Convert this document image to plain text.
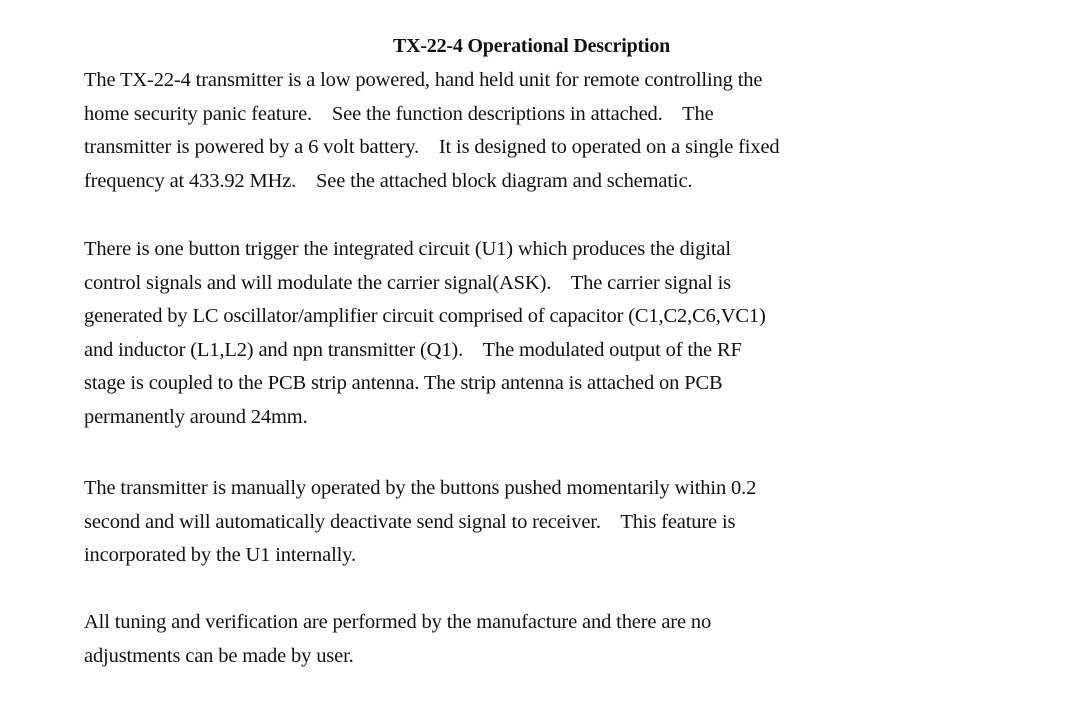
TX-22-4 Operational Description

The TX-22-4 transmitter is a low powered, hand held unit for remote controlling the
home security panic feature.    See the function descriptions in attached.    The
transmitter is powered by a 6 volt battery.    It is designed to operated on a single fixed
frequency at 433.92 MHz.    See the attached block diagram and schematic.

There is one button trigger the integrated circuit (U1) which produces the digital
control signals and will modulate the carrier signal(ASK).    The carrier signal is
generated by LC oscillator/amplifier circuit comprised of capacitor (C1,C2,C6,VC1)
and inductor (L1,L2) and npn transmitter (Q1).    The modulated output of the RF
stage is coupled to the PCB strip antenna. The strip antenna is attached on PCB
permanently around 24mm.

The transmitter is manually operated by the buttons pushed momentarily within 0.2
second and will automatically deactivate send signal to receiver.    This feature is
incorporated by the U1 internally.

All tuning and verification are performed by the manufacture and there are no
adjustments can be made by user.
